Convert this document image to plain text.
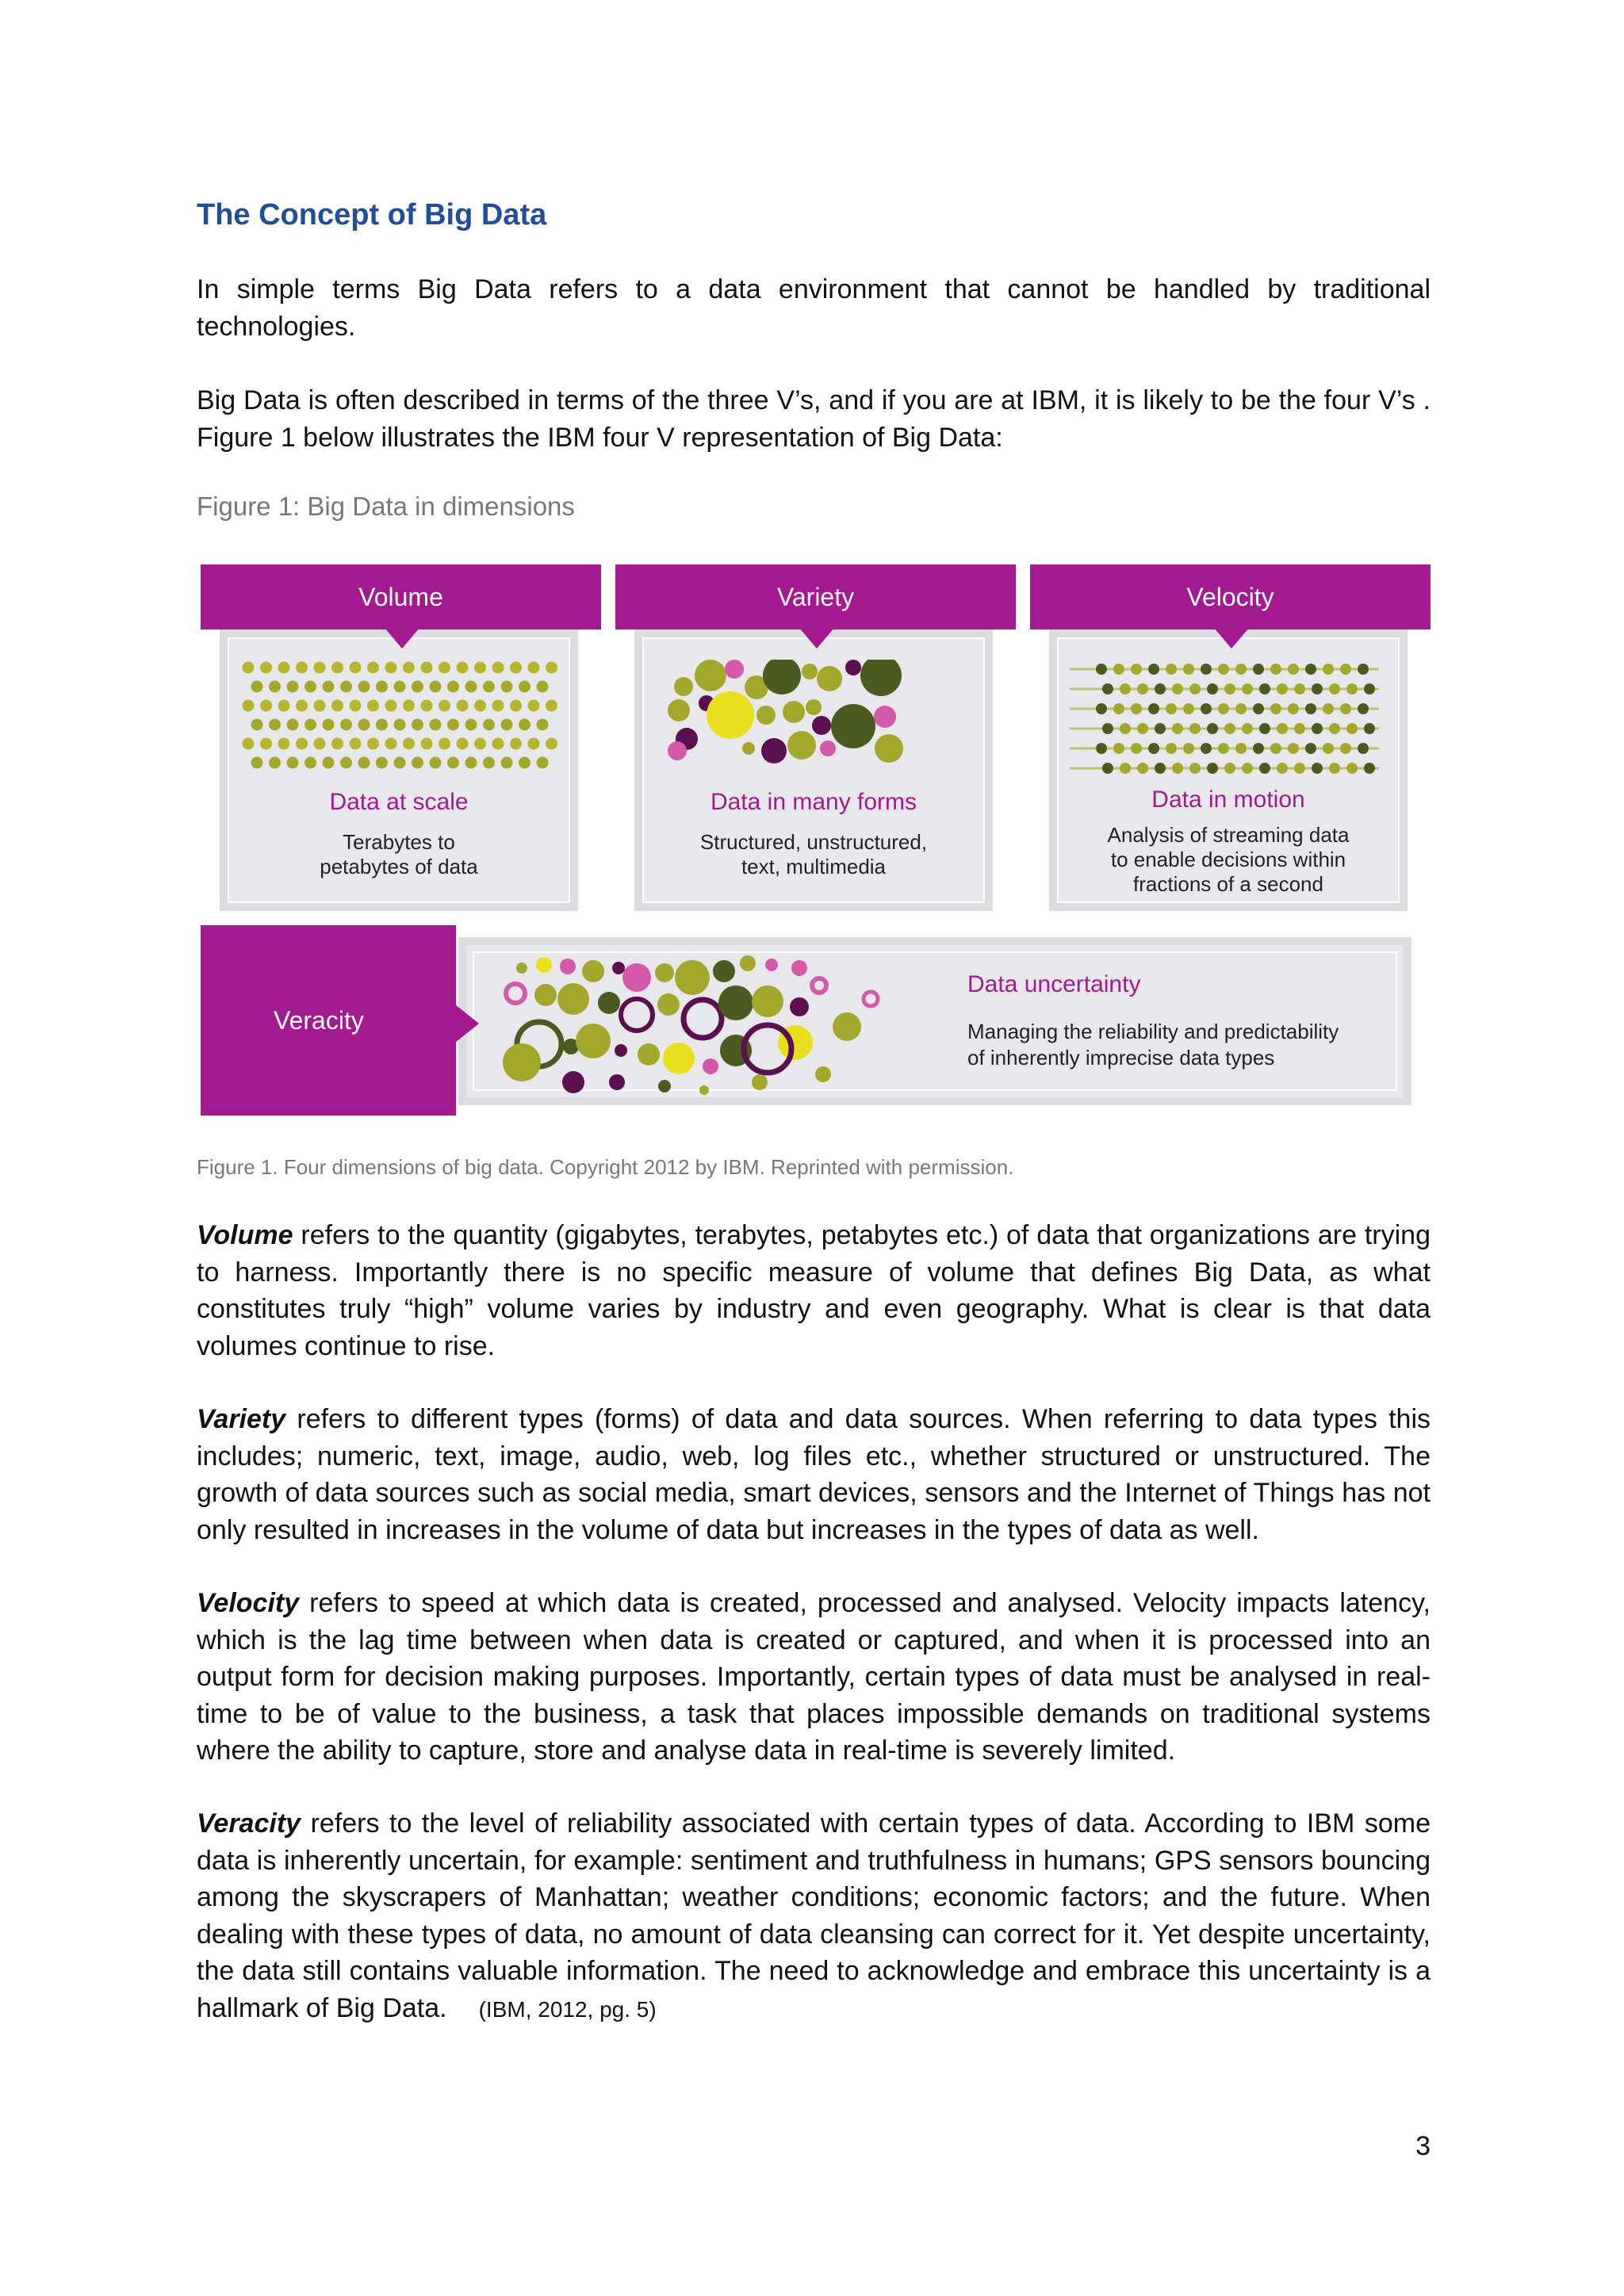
The Concept of Big Data

In simple terms Big Data refers to a data environment that cannot be handled by traditional technologies.

Big Data is often described in terms of the three V’s, and if you are at IBM, it is likely to be the four V’s . Figure 1 below illustrates the IBM four V representation of Big Data:

Figure 1: Big Data in dimensions
Volume
Data at scale
Terabytes to
petabytes of data
Variety
Data in many forms
Structured, unstructured,
text, multimedia
Velocity
Data in motion
Analysis of streaming data
to enable decisions within
fractions of a second
Veracity
Data uncertainty
Managing the reliability and predictability
of inherently imprecise data types
Figure 1. Four dimensions of big data. Copyright 2012 by IBM. Reprinted with permission.

Volume refers to the quantity (gigabytes, terabytes, petabytes etc.) of data that organizations are trying to harness. Importantly there is no specific measure of volume that defines Big Data, as what constitutes truly “high” volume varies by industry and even geography. What is clear is that data volumes continue to rise.

Variety refers to different types (forms) of data and data sources. When referring to data types this includes; numeric, text, image, audio, web, log files etc., whether structured or unstructured. The growth of data sources such as social media, smart devices, sensors and the Internet of Things has not only resulted in increases in the volume of data but increases in the types of data as well.

Velocity refers to speed at which data is created, processed and analysed. Velocity impacts latency, which is the lag time between when data is created or captured, and when it is processed into an output form for decision making purposes. Importantly, certain types of data must be analysed in real-time to be of value to the business, a task that places impossible demands on traditional systems where the ability to capture, store and analyse data in real-time is severely limited.

Veracity refers to the level of reliability associated with certain types of data. According to IBM some data is inherently uncertain, for example: sentiment and truthfulness in humans; GPS sensors bouncing among the skyscrapers of Manhattan; weather conditions; economic factors; and the future. When dealing with these types of data, no amount of data cleansing can correct for it. Yet despite uncertainty, the data still contains valuable information. The need to acknowledge and embrace this uncertainty is a hallmark of Big Data. (IBM, 2012, pg. 5)

3
